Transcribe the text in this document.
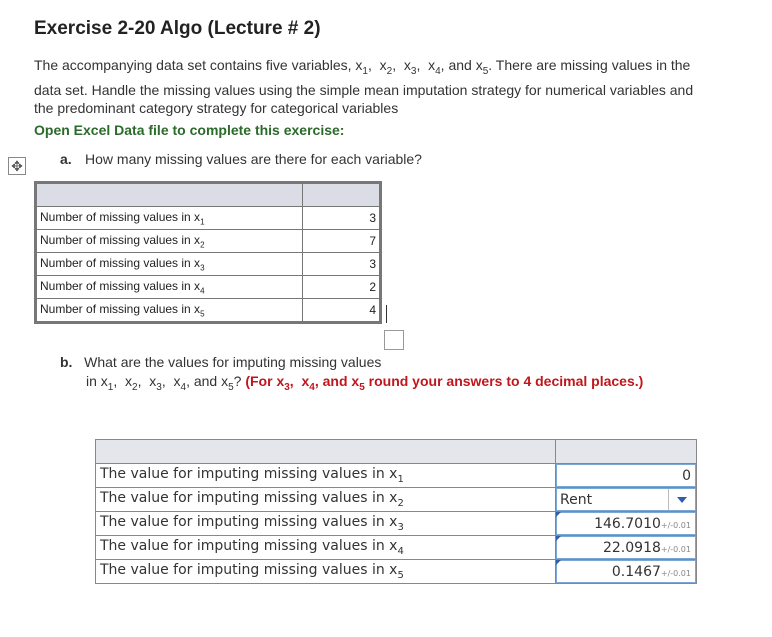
Exercise 2-20 Algo (Lecture # 2)
The accompanying data set contains five variables, $x_1$,  $x_2$,  $x_3$,  $x_4$, and $x_5$. There are missing values in the data set. Handle the missing values using the simple mean imputation strategy for numerical variables and the predominant category strategy for categorical variables
Open Excel Data file to complete this exercise:
✥	a. How many missing values are there for each variable?

Number of missing values in $x_1$	3
Number of missing values in $x_2$	7
Number of missing values in $x_3$	3
Number of missing values in $x_4$	2
Number of missing values in $x_5$	4
b. What are the values for imputing missing values
in $x_1$,  $x_2$,  $x_3$,  $x_4$, and $x_5$? (For $x_3$,  $x_4$, and $x_5$ round your answers to 4 decimal places.)

The value for imputing missing values in $x_1$	0

The value for imputing missing values in $x_2$	Rent

The value for imputing missing values in $x_3$	146.7010+/-0.01

The value for imputing missing values in $x_4$	22.0918+/-0.01

The value for imputing missing values in $x_5$	0.1467+/-0.01
